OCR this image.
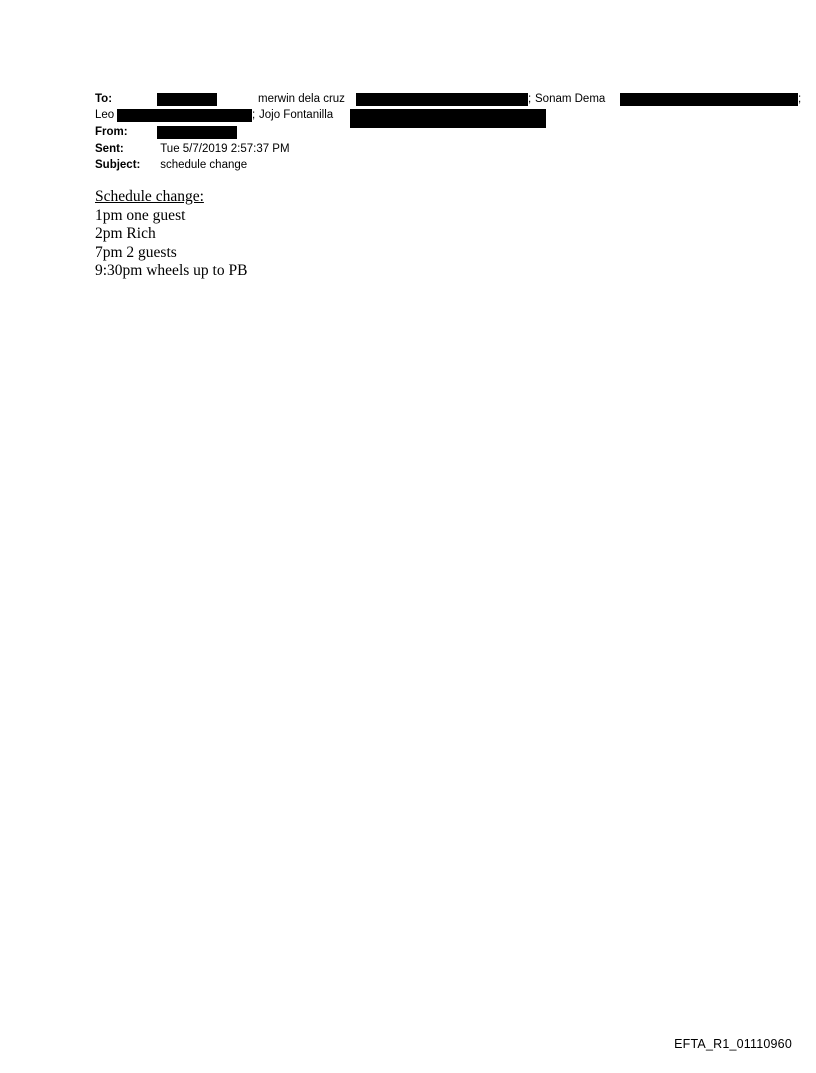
To:	merwin dela cruz	; Sonam Dema	;
Leo	; Jojo Fontanilla
From:
Sent:	Tue 5/7/2019 2:57:37 PM
Subject: schedule change
Schedule change:
1pm one guest
2pm Rich
7pm 2 guests
9:30pm wheels up to PB
EFTA_R1_01110960
